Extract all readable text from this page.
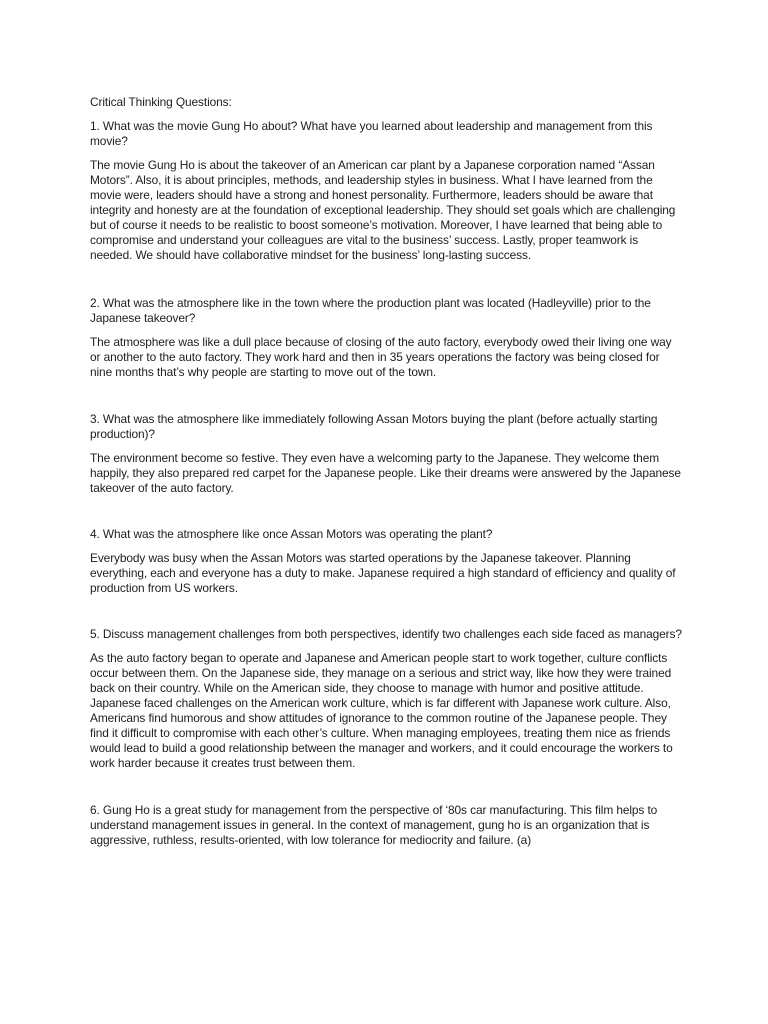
Critical Thinking Questions:

1. What was the movie Gung Ho about? What have you learned about leadership and management from this movie?

The movie Gung Ho is about the takeover of an American car plant by a Japanese corporation named “Assan Motors”. Also, it is about principles, methods, and leadership styles in business. What I have learned from the movie were, leaders should have a strong and honest personality. Furthermore, leaders should be aware that integrity and honesty are at the foundation of exceptional leadership. They should set goals which are challenging but of course it needs to be realistic to boost someone’s motivation. Moreover, I have learned that being able to compromise and understand your colleagues are vital to the business’ success. Lastly, proper teamwork is needed. We should have collaborative mindset for the business’ long-lasting success.

2. What was the atmosphere like in the town where the production plant was located (Hadleyville) prior to the Japanese takeover?

The atmosphere was like a dull place because of closing of the auto factory, everybody owed their living one way or another to the auto factory. They work hard and then in 35 years operations the factory was being closed for nine months that’s why people are starting to move out of the town.

3. What was the atmosphere like immediately following Assan Motors buying the plant (before actually starting production)?

The environment become so festive. They even have a welcoming party to the Japanese. They welcome them happily, they also prepared red carpet for the Japanese people. Like their dreams were answered by the Japanese takeover of the auto factory.

4. What was the atmosphere like once Assan Motors was operating the plant?

Everybody was busy when the Assan Motors was started operations by the Japanese takeover. Planning everything, each and everyone has a duty to make. Japanese required a high standard of efficiency and quality of production from US workers.

5. Discuss management challenges from both perspectives, identify two challenges each side faced as managers?

As the auto factory began to operate and Japanese and American people start to work together, culture conflicts occur between them. On the Japanese side, they manage on a serious and strict way, like how they were trained back on their country. While on the American side, they choose to manage with humor and positive attitude. Japanese faced challenges on the American work culture, which is far different with Japanese work culture. Also, Americans find humorous and show attitudes of ignorance to the common routine of the Japanese people. They find it difficult to compromise with each other’s culture. When managing employees, treating them nice as friends would lead to build a good relationship between the manager and workers, and it could encourage the workers to work harder because it creates trust between them.

6. Gung Ho is a great study for management from the perspective of ‘80s car manufacturing. This film helps to understand management issues in general. In the context of management, gung ho is an organization that is aggressive, ruthless, results-oriented, with low tolerance for mediocrity and failure. (a)
